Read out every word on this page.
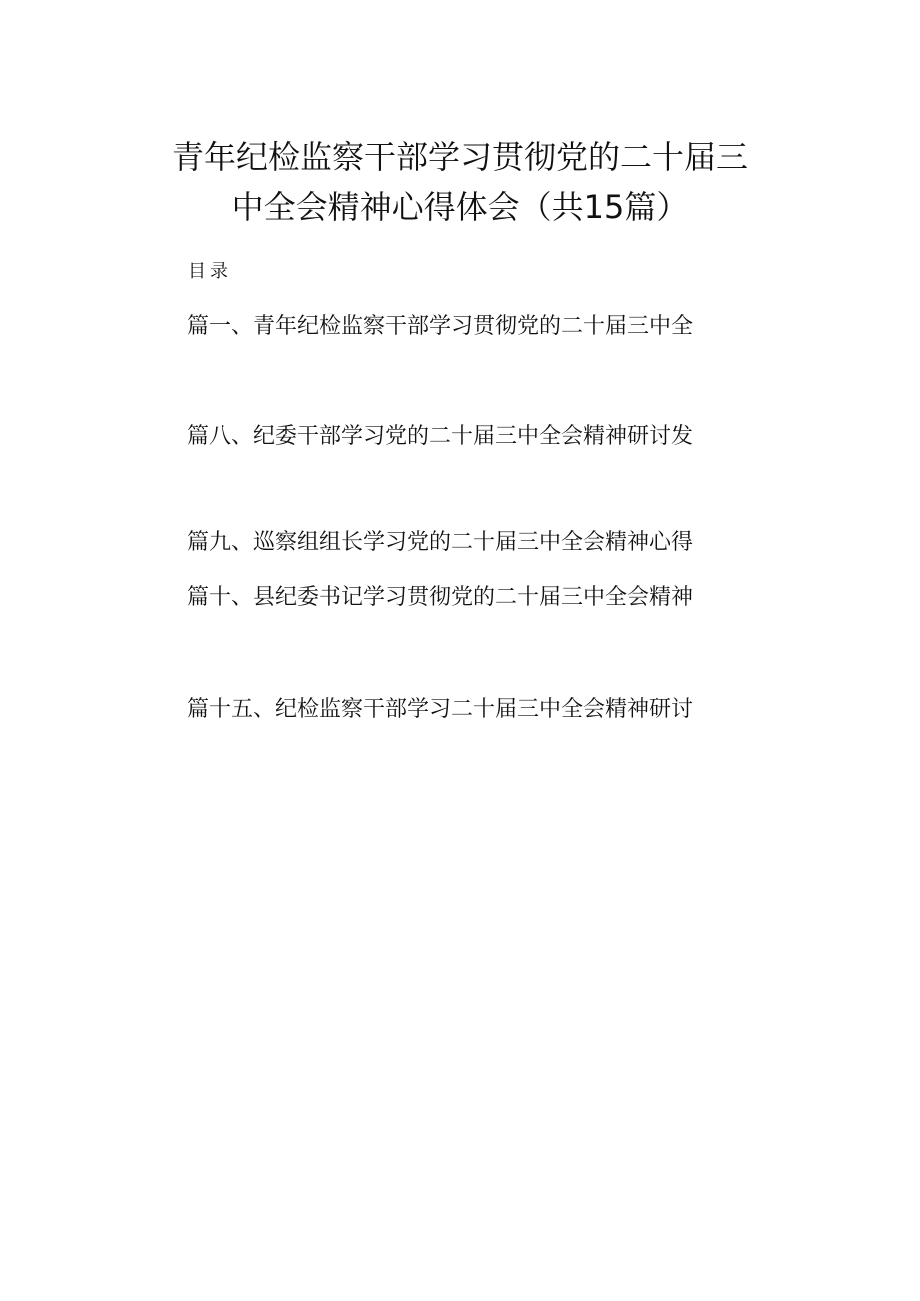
青年纪检监察干部学习贯彻党的二十届三
中全会精神心得体会（共15篇）
目录
篇一、青年纪检监察干部学习贯彻党的二十届三中全
篇八、纪委干部学习党的二十届三中全会精神研讨发
篇九、巡察组组长学习党的二十届三中全会精神心得
篇十、县纪委书记学习贯彻党的二十届三中全会精神
篇十五、纪检监察干部学习二十届三中全会精神研讨
